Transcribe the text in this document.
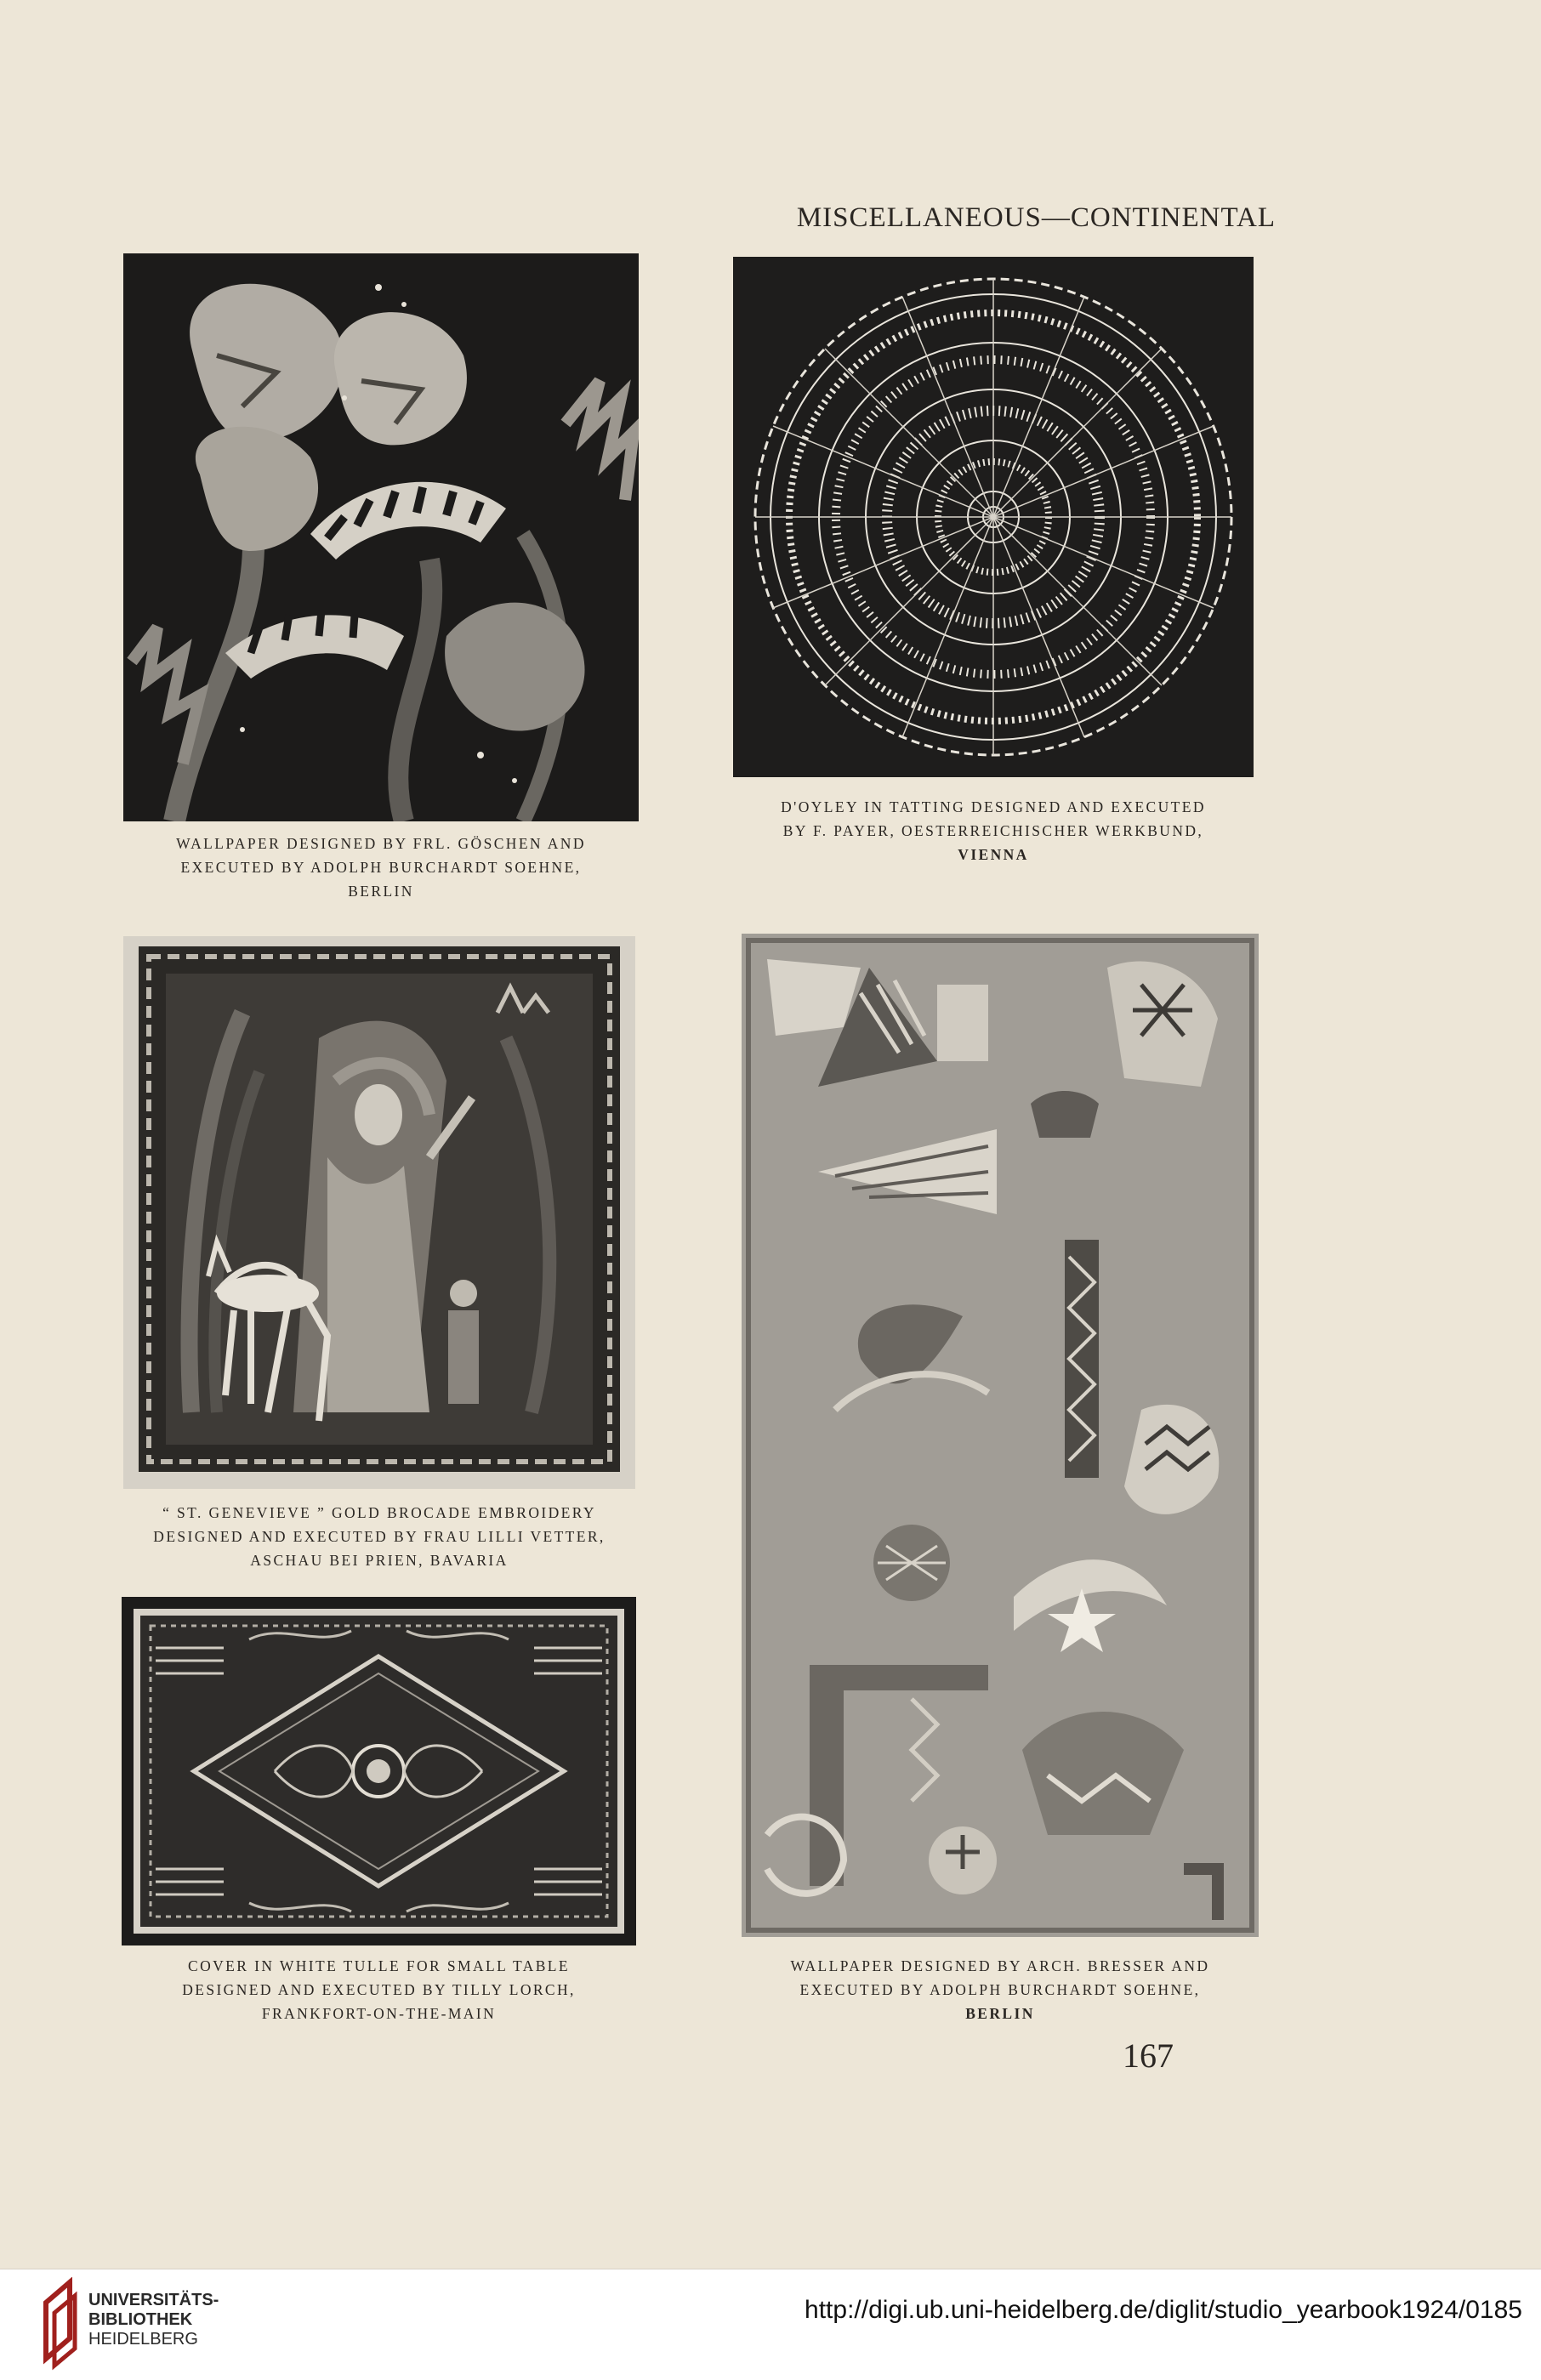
MISCELLANEOUS—CONTINENTAL
WALLPAPER DESIGNED BY FRL. GÖSCHEN AND
EXECUTED BY ADOLPH BURCHARDT SOEHNE,
BERLIN
D'OYLEY IN TATTING DESIGNED AND EXECUTED
BY F. PAYER, OESTERREICHISCHER WERKBUND,
VIENNA
“ ST. GENEVIEVE ” GOLD BROCADE EMBROIDERY
DESIGNED AND EXECUTED BY FRAU LILLI VETTER,
ASCHAU BEI PRIEN, BAVARIA
COVER IN WHITE TULLE FOR SMALL TABLE
DESIGNED AND EXECUTED BY TILLY LORCH,
FRANKFORT-ON-THE-MAIN
WALLPAPER DESIGNED BY ARCH. BRESSER AND
EXECUTED BY ADOLPH BURCHARDT SOEHNE,
BERLIN
167
UNIVERSITÄTS-
BIBLIOTHEK
HEIDELBERG
http://digi.ub.uni-heidelberg.de/diglit/studio_yearbook1924/0185
